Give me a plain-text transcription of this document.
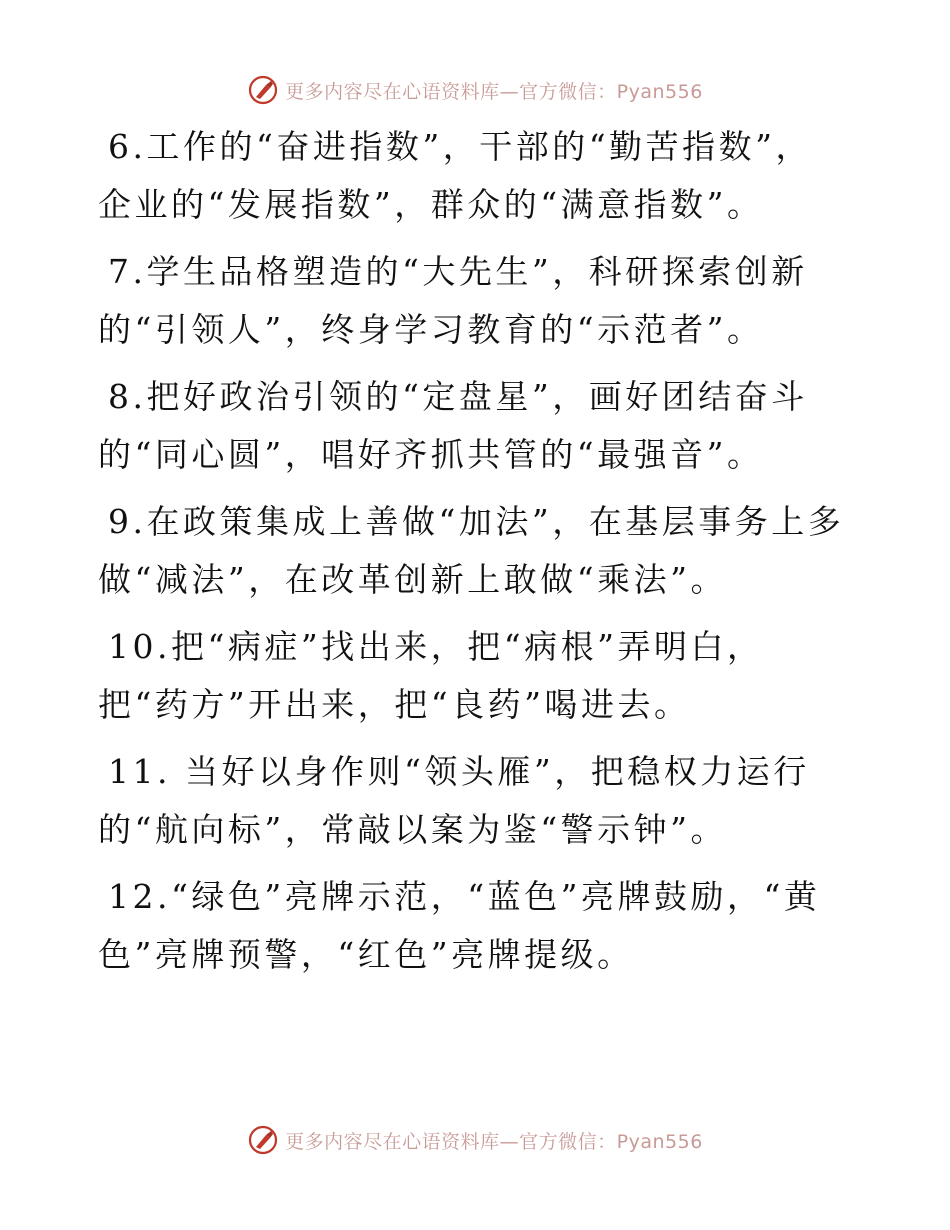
更多内容尽在心语资料库—官方微信：Pyan556
6.工作的“奋进指数”，干部的“勤苦指数”，
企业的“发展指数”，群众的“满意指数”。
7.学生品格塑造的“大先生”，科研探索创新
的“引领人”，终身学习教育的“示范者”。
8.把好政治引领的“定盘星”，画好团结奋斗
的“同心圆”，唱好齐抓共管的“最强音”。
9.在政策集成上善做“加法”，在基层事务上多
做“减法”，在改革创新上敢做“乘法”。
10.把“病症”找出来，把“病根”弄明白，
把“药方”开出来，把“良药”喝进去。
11. 当好以身作则“领头雁”，把稳权力运行
的“航向标”，常敲以案为鉴“警示钟”。
12.“绿色”亮牌示范，“蓝色”亮牌鼓励，“黄
色”亮牌预警，“红色”亮牌提级。
更多内容尽在心语资料库—官方微信：Pyan556
